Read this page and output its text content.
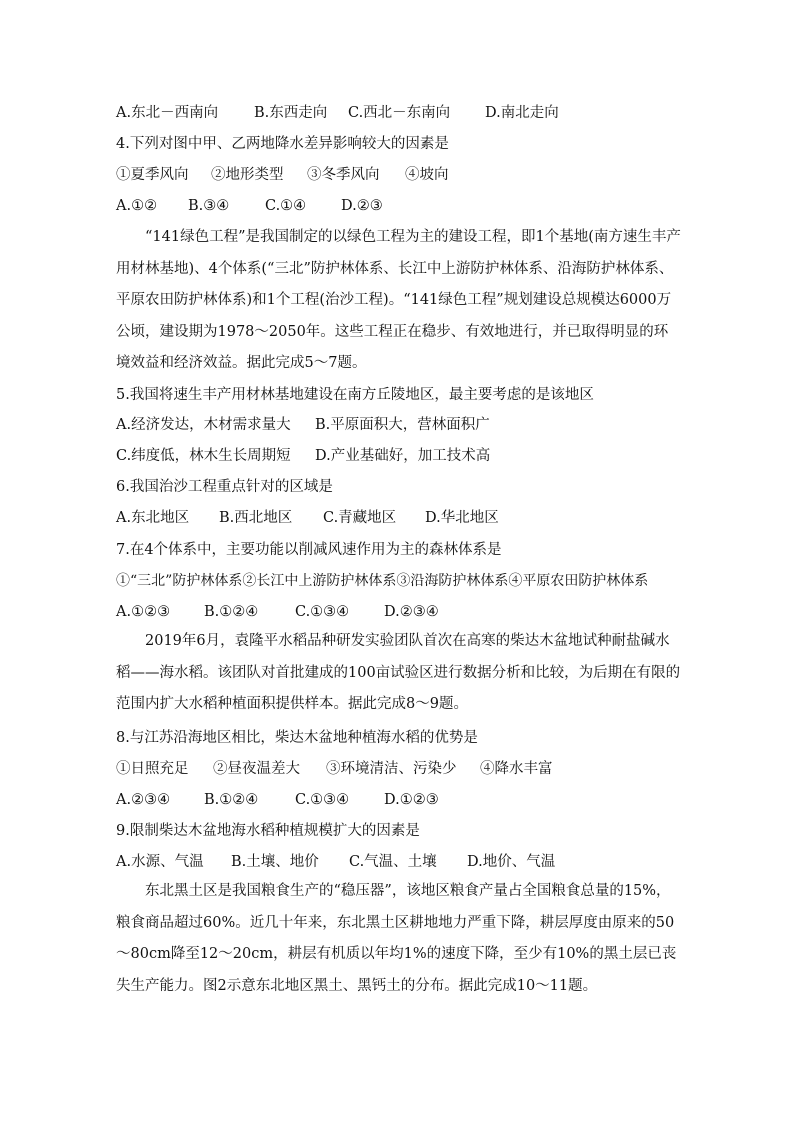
A.东北－西南向 B.东西走向 C.西北－东南向 D.南北走向
4.下列对图中甲、乙两地降水差异影响较大的因素是
①夏季风向 ②地形类型 ③冬季风向 ④坡向
A.①② B.③④ C.①④ D.②③
“141绿色工程”是我国制定的以绿色工程为主的建设工程，即1个基地(南方速生丰产用材林基地)、4个体系(“三北”防护林体系、长江中上游防护林体系、沿海防护林体系、平原农田防护林体系)和1个工程(治沙工程)。“141绿色工程”规划建设总规模达6000万公顷，建设期为1978～2050年。这些工程正在稳步、有效地进行，并已取得明显的环境效益和经济效益。据此完成5～7题。
5.我国将速生丰产用材林基地建设在南方丘陵地区，最主要考虑的是该地区
A.经济发达，木材需求量大 B.平原面积大，营林面积广
C.纬度低，林木生长周期短 D.产业基础好，加工技术高
6.我国治沙工程重点针对的区域是
A.东北地区 B.西北地区 C.青藏地区 D.华北地区
7.在4个体系中，主要功能以削减风速作用为主的森林体系是
①“三北”防护林体系②长江中上游防护林体系③沿海防护林体系④平原农田防护林体系
A.①②③ B.①②④	C.①③④ D.②③④
2019年6月，袁隆平水稻品种研发实验团队首次在高寒的柴达木盆地试种耐盐碱水稻——海水稻。该团队对首批建成的100亩试验区进行数据分析和比较，为后期在有限的范围内扩大水稻种植面积提供样本。据此完成8～9题。
8.与江苏沿海地区相比，柴达木盆地种植海水稻的优势是
①日照充足 ②昼夜温差大 ③环境清洁、污染少 ④降水丰富
A.②③④ B.①②④	C.①③④ D.①②③
9.限制柴达木盆地海水稻种植规模扩大的因素是
A.水源、气温 B.土壤、地价 C.气温、土壤 D.地价、气温
东北黑土区是我国粮食生产的“稳压器”，该地区粮食产量占全国粮食总量的15%，粮食商品超过60%。近几十年来，东北黑土区耕地地力严重下降，耕层厚度由原来的50～80cm降至12～20cm，耕层有机质以年均1%的速度下降，至少有10%的黑土层已丧失生产能力。图2示意东北地区黑土、黑钙土的分布。据此完成10～11题。
